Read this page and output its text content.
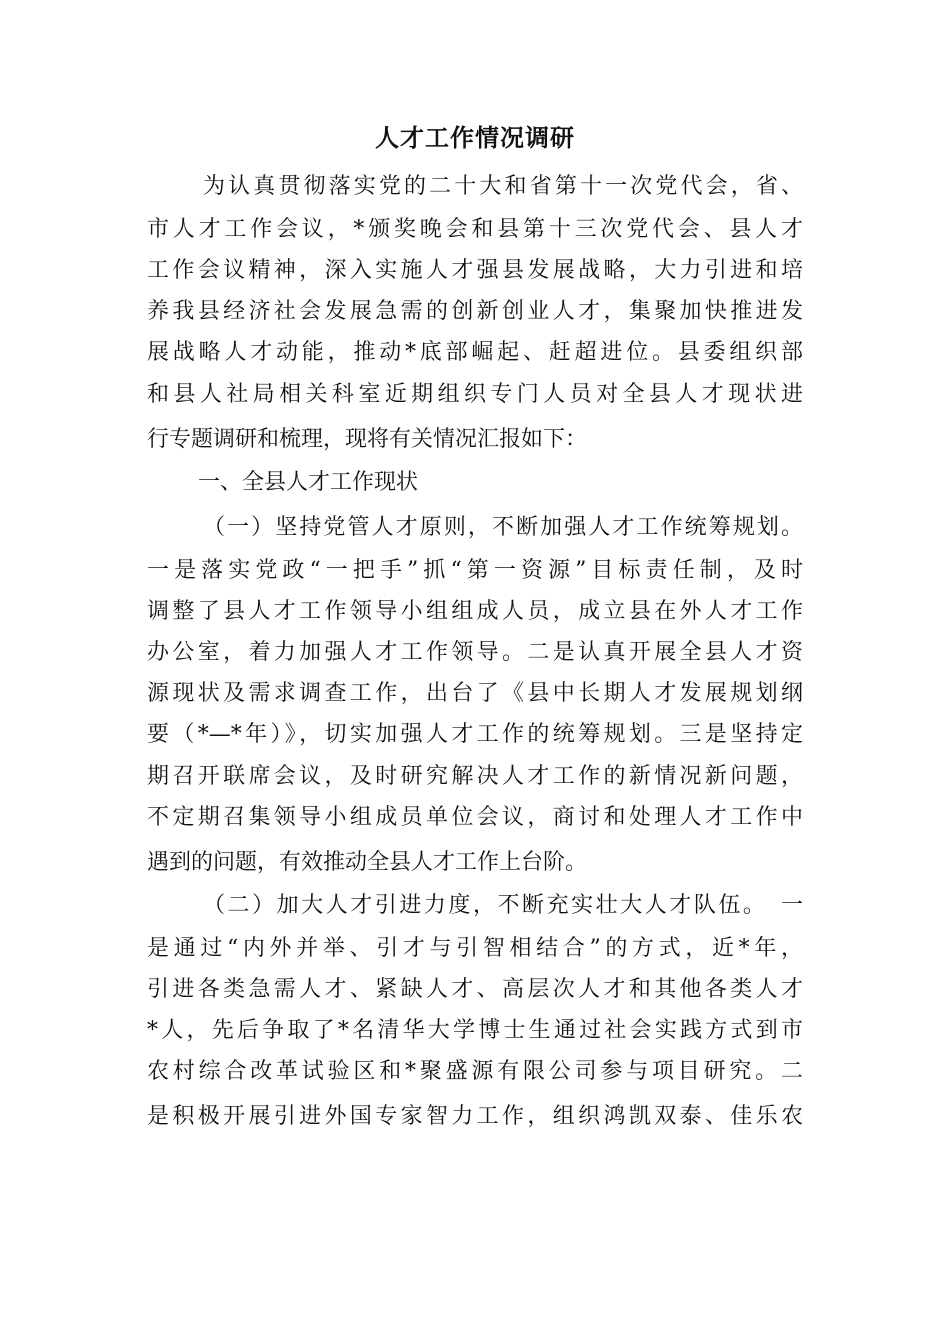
人才工作情况调研
为认真贯彻落实党的二十大和省第十一次党代会，省、
市人才工作会议，*颁奖晚会和县第十三次党代会、县人才
工作会议精神，深入实施人才强县发展战略，大力引进和培
养我县经济社会发展急需的创新创业人才，集聚加快推进发
展战略人才动能，推动*底部崛起、赶超进位。县委组织部
和县人社局相关科室近期组织专门人员对全县人才现状进
行专题调研和梳理，现将有关情况汇报如下：
一、全县人才工作现状
（一）坚持党管人才原则，不断加强人才工作统筹规划。
一是落实党政“一把手”抓“第一资源”目标责任制，及时
调整了县人才工作领导小组组成人员，成立县在外人才工作
办公室，着力加强人才工作领导。二是认真开展全县人才资
源现状及需求调查工作，出台了《县中长期人才发展规划纲
要（*—*年）》，切实加强人才工作的统筹规划。三是坚持定
期召开联席会议，及时研究解决人才工作的新情况新问题，
不定期召集领导小组成员单位会议，商讨和处理人才工作中
遇到的问题，有效推动全县人才工作上台阶。
（二）加大人才引进力度，不断充实壮大人才队伍。　一
是通过“内外并举、引才与引智相结合”的方式，近*年，
引进各类急需人才、紧缺人才、高层次人才和其他各类人才
*人，先后争取了*名清华大学博士生通过社会实践方式到市
农村综合改革试验区和*聚盛源有限公司参与项目研究。二
是积极开展引进外国专家智力工作，组织鸿凯双泰、佳乐农
